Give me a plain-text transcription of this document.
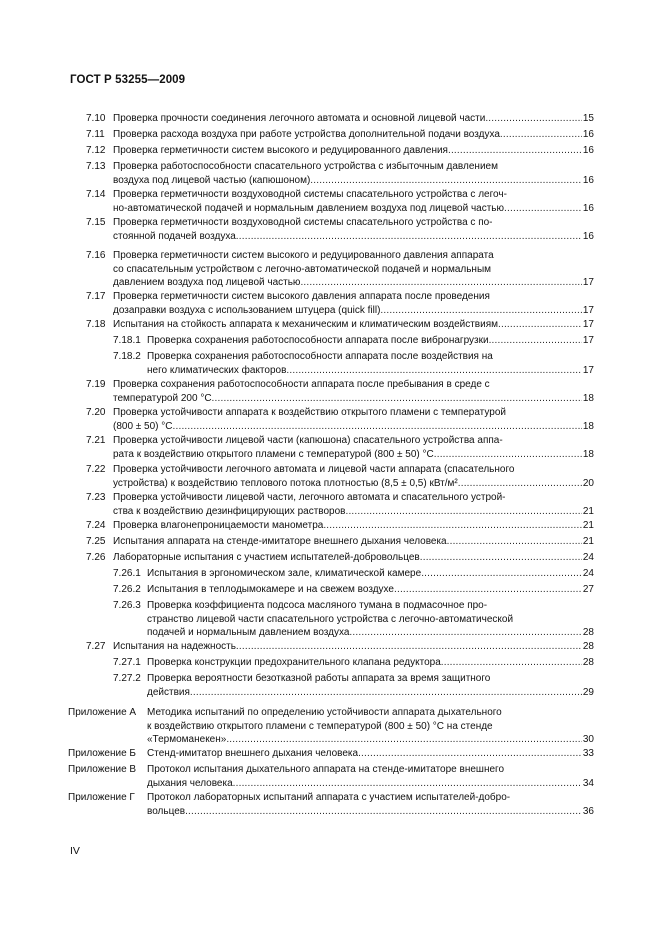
ГОСТ Р 53255—2009
7.10 Проверка прочности соединения легочного автомата и основной лицевой части .....	15
7.11 Проверка расхода воздуха при работе устройства дополнительной подачи воздуха .....	16
7.12 Проверка герметичности систем высокого и редуцированного давления .....	16
7.13 Проверка работоспособности спасательного устройства с избыточным давлением
воздуха под лицевой частью (капюшоном) .....	16
7.14 Проверка герметичности воздуховодной системы спасательного устройства с легоч-
но-автоматической подачей и нормальным давлением воздуха под лицевой частью .....	16
7.15 Проверка герметичности воздуховодной системы спасательного устройства с по-
стоянной подачей воздуха .....	16
7.16 Проверка герметичности систем высокого и редуцированного давления аппарата
со спасательным устройством с легочно-автоматической подачей и нормальным
давлением воздуха под лицевой частью .....	17
7.17 Проверка герметичности систем высокого давления аппарата после проведения
дозаправки воздуха с использованием штуцера (quick fill) .....	17
7.18 Испытания на стойкость аппарата к механическим и климатическим воздействиям .....	17
7.18.1 Проверка сохранения работоспособности аппарата после вибронагрузки .....	17
7.18.2 Проверка сохранения работоспособности аппарата после воздействия на
него климатических факторов .....	17
7.19 Проверка сохранения работоспособности аппарата после пребывания в среде с
температурой 200 °С .....	18
7.20 Проверка устойчивости аппарата к воздействию открытого пламени с температурой
(800 ± 50) °С .....	18
7.21 Проверка устойчивости лицевой части (капюшона) спасательного устройства аппа-
рата к воздействию открытого пламени с температурой (800 ± 50) °С .....	18
7.22 Проверка устойчивости легочного автомата и лицевой части аппарата (спасательного
устройства) к воздействию теплового потока плотностью (8,5 ± 0,5) кВт/м² .....	20
7.23 Проверка устойчивости лицевой части, легочного автомата и спасательного устрой-
ства к воздействию дезинфицирующих растворов .....	21
7.24 Проверка влагонепроницаемости манометра .....	21
7.25 Испытания аппарата на стенде-имитаторе внешнего дыхания человека .....	21
7.26 Лабораторные испытания с участием испытателей-добровольцев .....	24
7.26.1 Испытания в эргономическом зале, климатической камере .....	24
7.26.2 Испытания в теплодымокамере и на свежем воздухе .....	27
7.26.3 Проверка коэффициента подсоса масляного тумана в подмасочное про-
странство лицевой части спасательного устройства с легочно-автоматической
подачей и нормальным давлением воздуха .....	28
7.27 Испытания на надежность .....	28
7.27.1 Проверка конструкции предохранительного клапана редуктора .....	28
7.27.2 Проверка вероятности безотказной работы аппарата за время защитного
действия .....	29
Приложение А Методика испытаний по определению устойчивости аппарата дыхательного
к воздействию открытого пламени с температурой (800 ± 50) °С на стенде
«Термоманекен» .....	30
Приложение Б Стенд-имитатор внешнего дыхания человека .....	33
Приложение В Протокол испытания дыхательного аппарата на стенде-имитаторе внешнего
дыхания человека .....	34
Приложение Г Протокол лабораторных испытаний аппарата с участием испытателей-добро-
вольцев .....	36
IV
